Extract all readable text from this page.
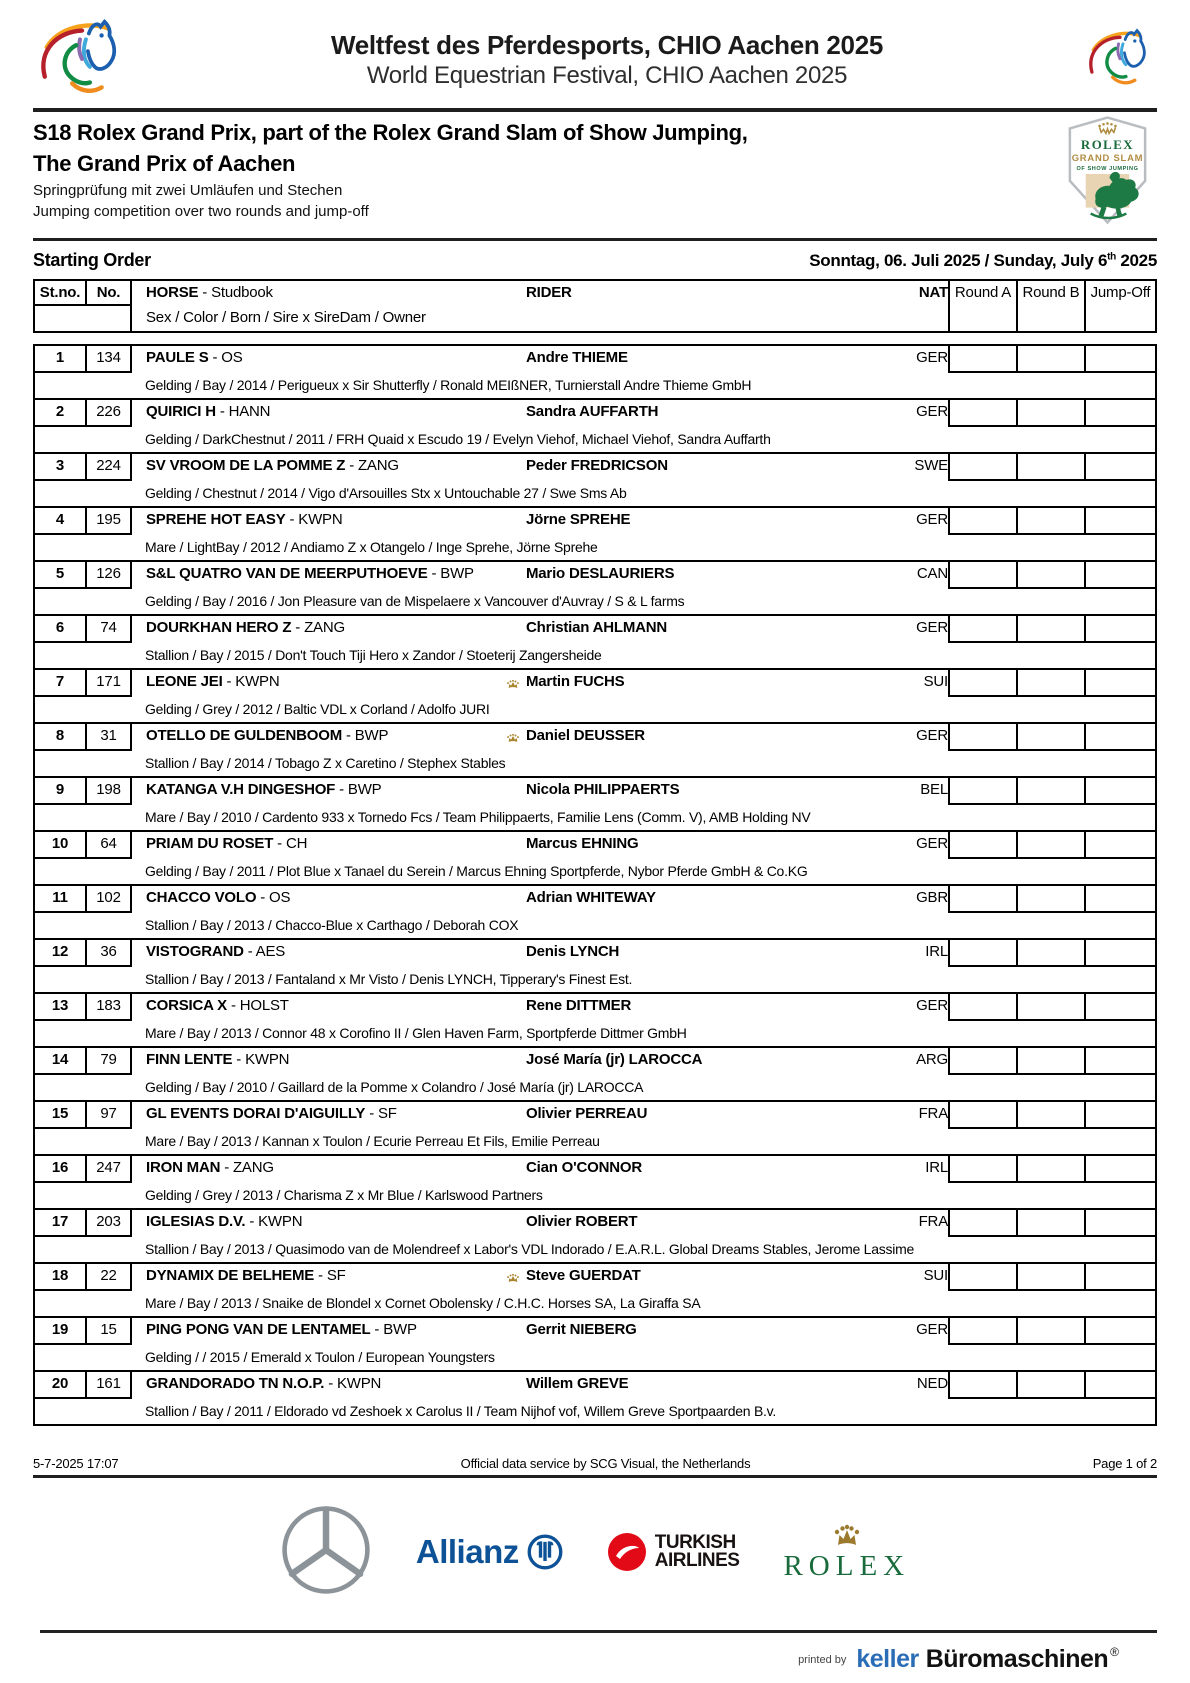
Weltfest des Pferdesports, CHIO Aachen 2025
World Equestrian Festival, CHIO Aachen 2025
S18 Rolex Grand Prix, part of the Rolex Grand Slam of Show Jumping,
The Grand Prix of Aachen
Springprüfung mit zwei Umläufen und Stechen
Jumping competition over two rounds and jump-off
ROLEX
GRAND SLAM
OF SHOW JUMPING
Starting Order	Sonntag, 06. Juli 2025 / Sunday, July 6th 2025
St.no.	No.	HORSE - Studbook	RIDER	NAT Round A Round B Jump-Off
Sex / Color / Born / Sire x SireDam / Owner
1	134	PAULE S - OS	Andre THIEME	GER
Gelding / Bay / 2014 / Perigueux x Sir Shutterfly / Ronald MEIßNER, Turnierstall Andre Thieme GmbH
2	226	QUIRICI H - HANN	Sandra AUFFARTH	GER
Gelding / DarkChestnut / 2011 / FRH Quaid x Escudo 19 / Evelyn Viehof, Michael Viehof, Sandra Auffarth
3	224	SV VROOM DE LA POMME Z - ZANG	Peder FREDRICSON	SWE
Gelding / Chestnut / 2014 / Vigo d'Arsouilles Stx x Untouchable 27 / Swe Sms Ab
4	195	SPREHE HOT EASY - KWPN	Jörne SPREHE	GER
Mare / LightBay / 2012 / Andiamo Z x Otangelo / Inge Sprehe, Jörne Sprehe
5	126	S&L QUATRO VAN DE MEERPUTHOEVE - BWP	Mario DESLAURIERS	CAN
Gelding / Bay / 2016 / Jon Pleasure van de Mispelaere x Vancouver d'Auvray / S & L farms
6	74	DOURKHAN HERO Z - ZANG	Christian AHLMANN	GER
Stallion / Bay / 2015 / Don't Touch Tiji Hero x Zandor / Stoeterij Zangersheide
7	171	LEONE JEI - KWPN	Martin FUCHS	SUI
Gelding / Grey / 2012 / Baltic VDL x Corland / Adolfo JURI
8	31	OTELLO DE GULDENBOOM - BWP	Daniel DEUSSER	GER
Stallion / Bay / 2014 / Tobago Z x Caretino / Stephex Stables
9	198	KATANGA V.H DINGESHOF - BWP	Nicola PHILIPPAERTS	BEL
Mare / Bay / 2010 / Cardento 933 x Tornedo Fcs / Team Philippaerts, Familie Lens (Comm. V), AMB Holding NV
10	64	PRIAM DU ROSET - CH	Marcus EHNING	GER
Gelding / Bay / 2011 / Plot Blue x Tanael du Serein / Marcus Ehning Sportpferde, Nybor Pferde GmbH & Co.KG
11	102	CHACCO VOLO - OS	Adrian WHITEWAY	GBR
Stallion / Bay / 2013 / Chacco-Blue x Carthago / Deborah COX
12	36	VISTOGRAND - AES	Denis LYNCH	IRL
Stallion / Bay / 2013 / Fantaland x Mr Visto / Denis LYNCH, Tipperary's Finest Est.
13	183	CORSICA X - HOLST	Rene DITTMER	GER
Mare / Bay / 2013 / Connor 48 x Corofino II / Glen Haven Farm, Sportpferde Dittmer GmbH
14	79	FINN LENTE - KWPN	José María (jr) LAROCCA	ARG
Gelding / Bay / 2010 / Gaillard de la Pomme x Colandro / José María (jr) LAROCCA
15	97	GL EVENTS DORAI D'AIGUILLY - SF	Olivier PERREAU	FRA
Mare / Bay / 2013 / Kannan x Toulon / Ecurie Perreau Et Fils, Emilie Perreau
16	247	IRON MAN - ZANG	Cian O'CONNOR	IRL
Gelding / Grey / 2013 / Charisma Z x Mr Blue / Karlswood Partners
17	203	IGLESIAS D.V. - KWPN	Olivier ROBERT	FRA
Stallion / Bay / 2013 / Quasimodo van de Molendreef x Labor's VDL Indorado / E.A.R.L. Global Dreams Stables, Jerome Lassime
18	22	DYNAMIX DE BELHEME - SF	Steve GUERDAT	SUI
Mare / Bay / 2013 / Snaike de Blondel x Cornet Obolensky / C.H.C. Horses SA, La Giraffa SA
19	15	PING PONG VAN DE LENTAMEL - BWP	Gerrit NIEBERG	GER
Gelding / / 2015 / Emerald x Toulon / European Youngsters
20	161	GRANDORADO TN N.O.P. - KWPN	Willem GREVE	NED
Stallion / Bay / 2011 / Eldorado vd Zeshoek x Carolus II / Team Nijhof vof, Willem Greve Sportpaarden B.v.
5-7-2025 17:07	Official data service by SCG Visual, the Netherlands	Page 1 of 2
Allianz	TURKISH
AIRLINES ROLEX
printed by keller Büromaschinen ®
